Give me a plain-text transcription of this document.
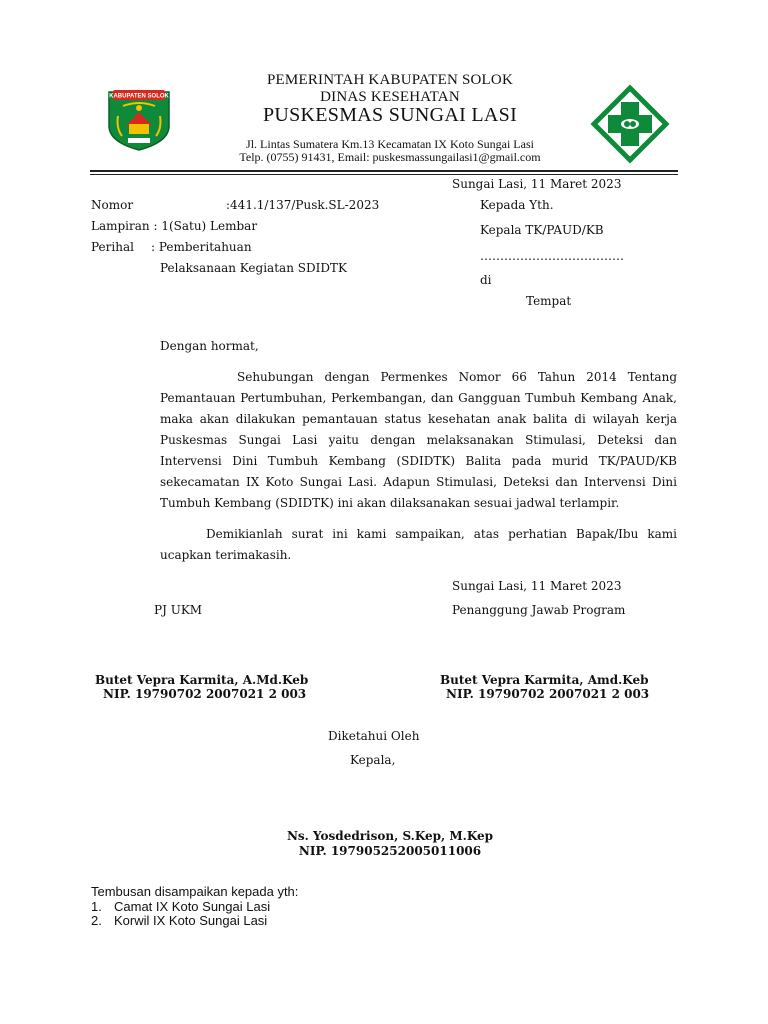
KABUPATEN SOLOK
PEMERINTAH KABUPATEN SOLOK
DINAS KESEHATAN
PUSKESMAS SUNGAI LASI
Jl. Lintas Sumatera Km.13 Kecamatan IX Koto Sungai Lasi
Telp. (0755) 91431, Email: puskesmassungailasi1@gmail.com
Sungai Lasi, 11 Maret 2023
Nomor	:441.1/137/Pusk.SL-2023
Lampiran : 1(Satu) Lembar
Perihal : Pemberitahuan
Pelaksanaan Kegiatan SDIDTK
Kepada Yth.
Kepala TK/PAUD/KB
………………………………
di
Tempat
Dengan hormat,
Sehubungan dengan Permenkes Nomor 66 Tahun 2014 Tentang Pemantauan Pertumbuhan, Perkembangan, dan Gangguan Tumbuh Kembang Anak, maka akan dilakukan pemantauan status kesehatan anak balita di wilayah kerja Puskesmas Sungai Lasi yaitu dengan melaksanakan Stimulasi, Deteksi dan Intervensi Dini Tumbuh Kembang (SDIDTK) Balita pada murid TK/PAUD/KB sekecamatan IX Koto Sungai Lasi. Adapun Stimulasi, Deteksi dan Intervensi Dini Tumbuh Kembang (SDIDTK) ini akan dilaksanakan sesuai jadwal terlampir.
Demikianlah surat ini kami sampaikan, atas perhatian Bapak/Ibu kami ucapkan terimakasih.
Sungai Lasi, 11 Maret 2023
PJ UKM	Penanggung Jawab Program
Butet Vepra Karmita, A.Md.Keb
NIP. 19790702 2007021 2 003
Butet Vepra Karmita, Amd.Keb
NIP. 19790702 2007021 2 003
Diketahui Oleh
Kepala,
Ns. Yosdedrison, S.Kep, M.Kep
NIP. 197905252005011006
Tembusan disampaikan kepada yth:
1. Camat IX Koto Sungai Lasi
2. Korwil IX Koto Sungai Lasi
